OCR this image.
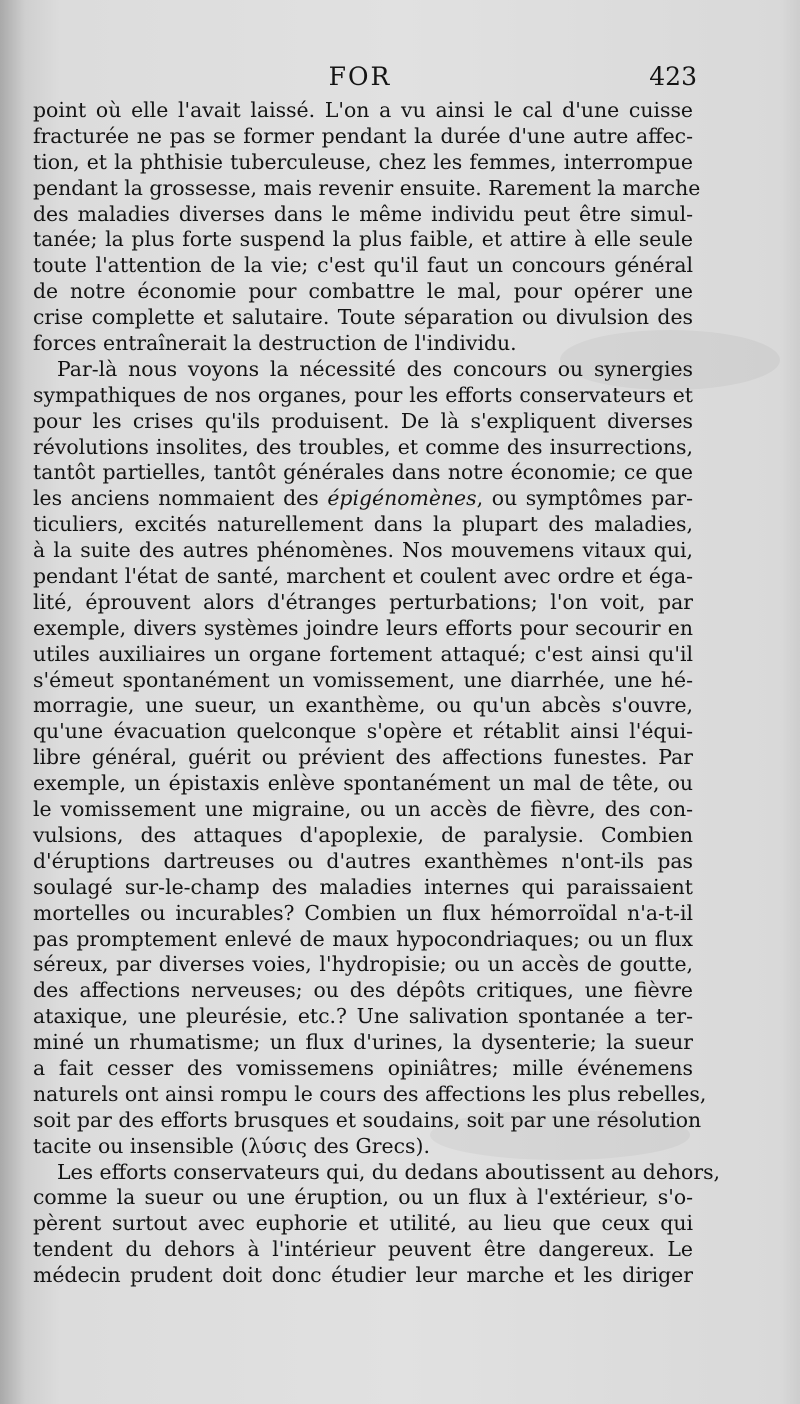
FOR	423
point où elle l'avait laissé. L'on a vu ainsi le cal d'une cuisse
fracturée ne pas se former pendant la durée d'une autre affec-
tion, et la phthisie tuberculeuse, chez les femmes, interrompue
pendant la grossesse, mais revenir ensuite. Rarement la marche
des maladies diverses dans le même individu peut être simul-
tanée; la plus forte suspend la plus faible, et attire à elle seule
toute l'attention de la vie; c'est qu'il faut un concours général
de notre économie pour combattre le mal, pour opérer une
crise complette et salutaire. Toute séparation ou divulsion des
forces entraînerait la destruction de l'individu.
Par-là nous voyons la nécessité des concours ou synergies
sympathiques de nos organes, pour les efforts conservateurs et
pour les crises qu'ils produisent. De là s'expliquent diverses
révolutions insolites, des troubles, et comme des insurrections,
tantôt partielles, tantôt générales dans notre économie; ce que
les anciens nommaient des épigénomènes, ou symptômes par-
ticuliers, excités naturellement dans la plupart des maladies,
à la suite des autres phénomènes. Nos mouvemens vitaux qui,
pendant l'état de santé, marchent et coulent avec ordre et éga-
lité, éprouvent alors d'étranges perturbations; l'on voit, par
exemple, divers systèmes joindre leurs efforts pour secourir en
utiles auxiliaires un organe fortement attaqué; c'est ainsi qu'il
s'émeut spontanément un vomissement, une diarrhée, une hé-
morragie, une sueur, un exanthème, ou qu'un abcès s'ouvre,
qu'une évacuation quelconque s'opère et rétablit ainsi l'équi-
libre général, guérit ou prévient des affections funestes. Par
exemple, un épistaxis enlève spontanément un mal de tête, ou
le vomissement une migraine, ou un accès de fièvre, des con-
vulsions, des attaques d'apoplexie, de paralysie. Combien
d'éruptions dartreuses ou d'autres exanthèmes n'ont-ils pas
soulagé sur-le-champ des maladies internes qui paraissaient
mortelles ou incurables? Combien un flux hémorroïdal n'a-t-il
pas promptement enlevé de maux hypocondriaques; ou un flux
séreux, par diverses voies, l'hydropisie; ou un accès de goutte,
des affections nerveuses; ou des dépôts critiques, une fièvre
ataxique, une pleurésie, etc.? Une salivation spontanée a ter-
miné un rhumatisme; un flux d'urines, la dysenterie; la sueur
a fait cesser des vomissemens opiniâtres; mille événemens
naturels ont ainsi rompu le cours des affections les plus rebelles,
soit par des efforts brusques et soudains, soit par une résolution
tacite ou insensible (λύσις des Grecs).
Les efforts conservateurs qui, du dedans aboutissent au dehors,
comme la sueur ou une éruption, ou un flux à l'extérieur, s'o-
pèrent surtout avec euphorie et utilité, au lieu que ceux qui
tendent du dehors à l'intérieur peuvent être dangereux. Le
médecin prudent doit donc étudier leur marche et les diriger
